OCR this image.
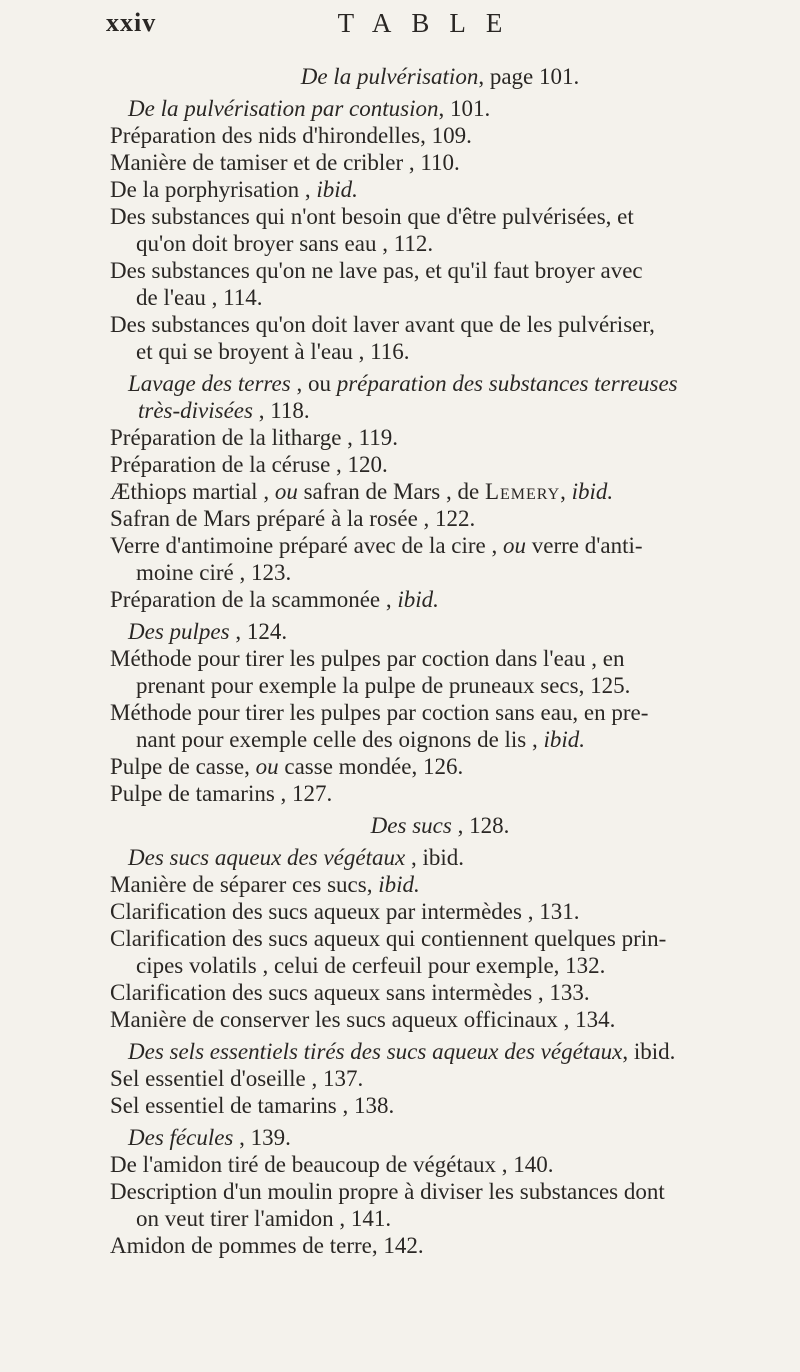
xxiv	TABLE
De la pulvérisation, page 101.
De la pulvérisation par contusion, 101.
Préparation des nids d'hirondelles, 109.
Manière de tamiser et de cribler , 110.
De la porphyrisation , ibid.
Des substances qui n'ont besoin que d'être pulvérisées, et
qu'on doit broyer sans eau , 112.
Des substances qu'on ne lave pas, et qu'il faut broyer avec
de l'eau , 114.
Des substances qu'on doit laver avant que de les pulvériser,
et qui se broyent à l'eau , 116.
Lavage des terres , ou préparation des substances terreuses
très-divisées , 118.
Préparation de la litharge , 119.
Préparation de la céruse , 120.
Æthiops martial , ou safran de Mars , de Lemery, ibid.
Safran de Mars préparé à la rosée , 122.
Verre d'antimoine préparé avec de la cire , ou verre d'anti-
moine ciré , 123.
Préparation de la scammonée , ibid.
Des pulpes , 124.
Méthode pour tirer les pulpes par coction dans l'eau , en
prenant pour exemple la pulpe de pruneaux secs, 125.
Méthode pour tirer les pulpes par coction sans eau, en pre-
nant pour exemple celle des oignons de lis , ibid.
Pulpe de casse, ou casse mondée, 126.
Pulpe de tamarins , 127.
Des sucs , 128.
Des sucs aqueux des végétaux , ibid.
Manière de séparer ces sucs, ibid.
Clarification des sucs aqueux par intermèdes , 131.
Clarification des sucs aqueux qui contiennent quelques prin-
cipes volatils , celui de cerfeuil pour exemple, 132.
Clarification des sucs aqueux sans intermèdes , 133.
Manière de conserver les sucs aqueux officinaux , 134.
Des sels essentiels tirés des sucs aqueux des végétaux, ibid.
Sel essentiel d'oseille , 137.
Sel essentiel de tamarins , 138.
Des fécules , 139.
De l'amidon tiré de beaucoup de végétaux , 140.
Description d'un moulin propre à diviser les substances dont
on veut tirer l'amidon , 141.
Amidon de pommes de terre, 142.
